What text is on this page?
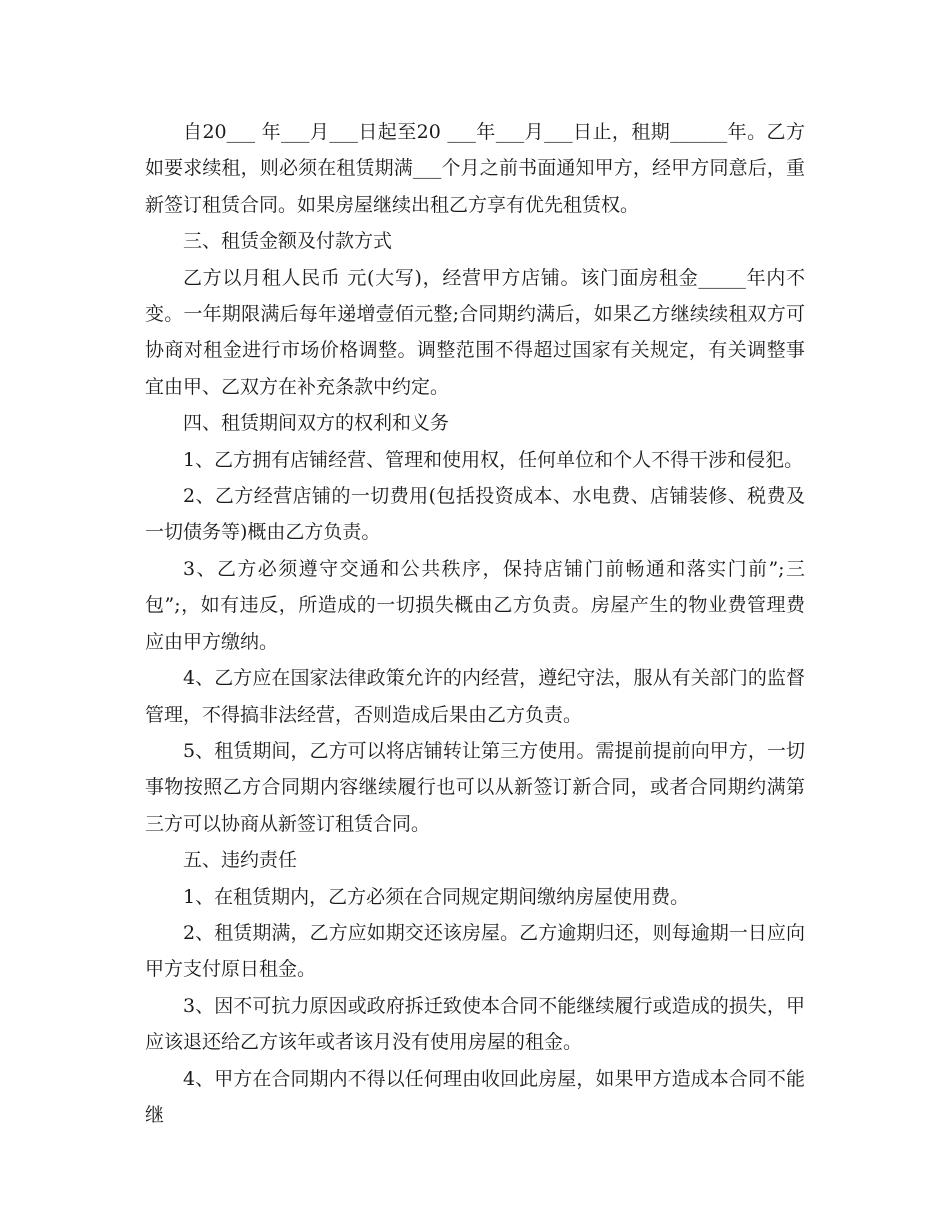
自20___ 年___月___日起至20 ___年___月___日止，租期______年。乙方如要求续租，则必须在租赁期满___个月之前书面通知甲方，经甲方同意后，重新签订租赁合同。如果房屋继续出租乙方享有优先租赁权。

三、租赁金额及付款方式

乙方以月租人民币 元(大写)，经营甲方店铺。该门面房租金_____年内不变。一年期限满后每年递增壹佰元整;合同期约满后，如果乙方继续续租双方可协商对租金进行市场价格调整。调整范围不得超过国家有关规定，有关调整事宜由甲、乙双方在补充条款中约定。

四、租赁期间双方的权利和义务

1、乙方拥有店铺经营、管理和使用权，任何单位和个人不得干涉和侵犯。

2、乙方经营店铺的一切费用(包括投资成本、水电费、店铺装修、税费及一切债务等)概由乙方负责。

3、乙方必须遵守交通和公共秩序，保持店铺门前畅通和落实门前”;三包”;，如有违反，所造成的一切损失概由乙方负责。房屋产生的物业费管理费应由甲方缴纳。

4、乙方应在国家法律政策允许的内经营，遵纪守法，服从有关部门的监督管理，不得搞非法经营，否则造成后果由乙方负责。

5、租赁期间，乙方可以将店铺转让第三方使用。需提前提前向甲方，一切事物按照乙方合同期内容继续履行也可以从新签订新合同，或者合同期约满第三方可以协商从新签订租赁合同。

五、违约责任

1、在租赁期内，乙方必须在合同规定期间缴纳房屋使用费。

2、租赁期满，乙方应如期交还该房屋。乙方逾期归还，则每逾期一日应向甲方支付原日租金。

3、因不可抗力原因或政府拆迁致使本合同不能继续履行或造成的损失，甲应该退还给乙方该年或者该月没有使用房屋的租金。

4、甲方在合同期内不得以任何理由收回此房屋，如果甲方造成本合同不能继
